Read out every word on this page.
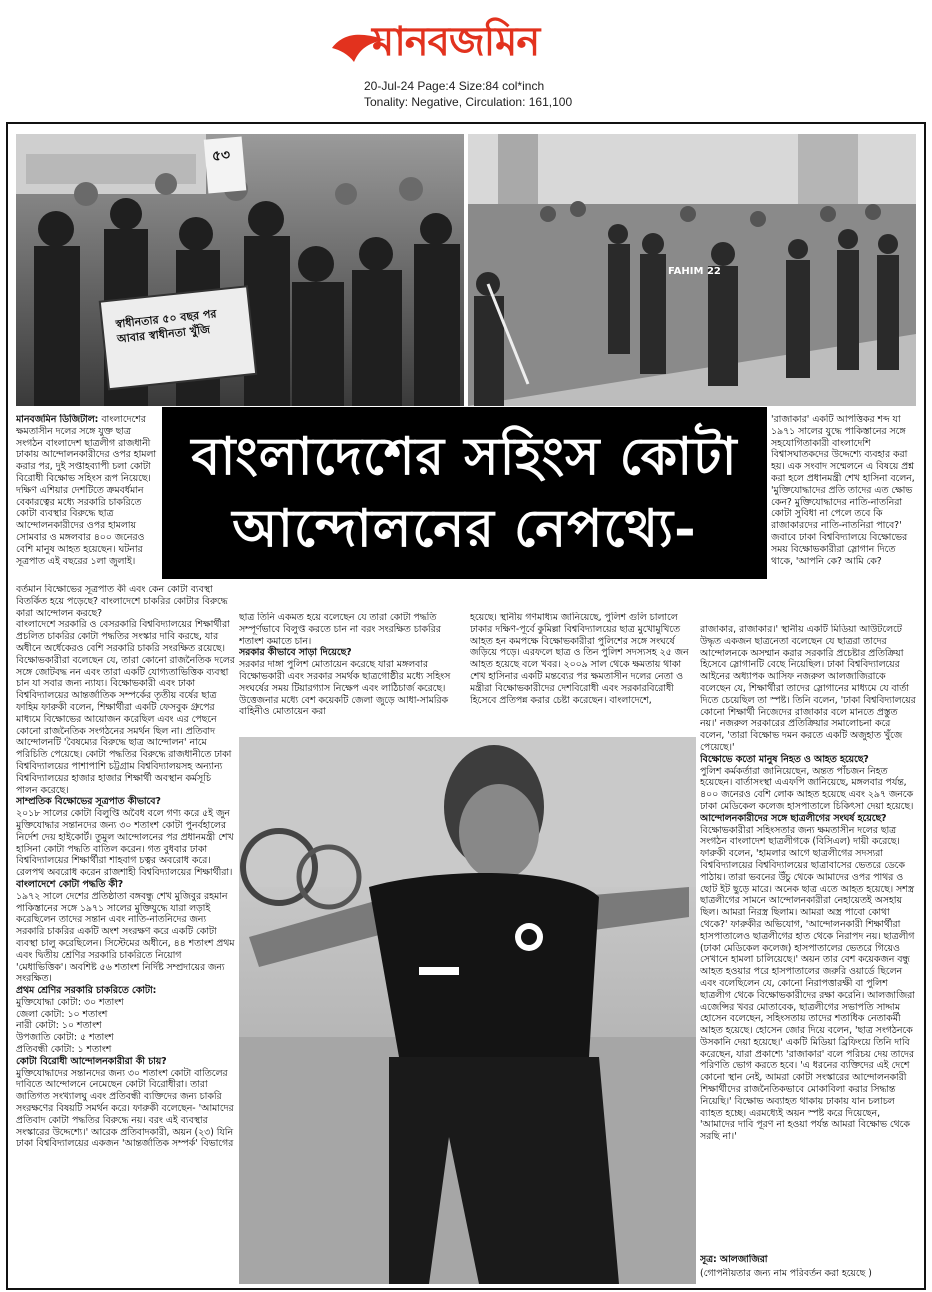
মানবজমিন
20-Jul-24 Page:4 Size:84 col*inch
Tonality: Negative, Circulation: 161,100
৫৩
স্বাধীনতার ৫০ বছর পর আবার স্বাধীনতা খুঁজি
FAHIM 22
বাংলাদেশের সহিংস কোটা
আন্দোলনের নেপথ্যে-
মানবজমিন ডিজিটাল: বাংলাদেশের ক্ষমতাসীন দলের সঙ্গে যুক্ত ছাত্র সংগঠন বাংলাদেশ ছাত্রলীগ রাজধানী ঢাকায় আন্দোলনকারীদের ওপর হামলা করার পর, দুই সপ্তাহব্যাপী চলা কোটা বিরোধী বিক্ষোভ সহিংস রূপ নিয়েছে। দক্ষিণ এশিয়ার দেশটিতে ক্রমবর্ধমান বেকারত্বের মধ্যে সরকারি চাকরিতে কোটা ব্যবস্থার বিরুদ্ধে ছাত্র আন্দোলনকারীদের ওপর হামলায় সোমবার ও মঙ্গলবার ৪০০ জনেরও বেশি মানুষ আহত হয়েছেন। ঘটনার সূত্রপাত এই বছরের ১লা জুলাই।
'রাজাকার' একটি আপত্তিকর শব্দ যা ১৯৭১ সালের যুদ্ধে পাকিস্তানের সঙ্গে সহযোগিতাকারী বাংলাদেশি বিশ্বাসঘাতকদের উদ্দেশ্যে ব্যবহার করা হয়। এক সংবাদ সম্মেলনে এ বিষয়ে প্রশ্ন করা হলে প্রধানমন্ত্রী শেখ হাসিনা বলেন, 'মুক্তিযোদ্ধাদের প্রতি তাদের এত ক্ষোভ কেন? মুক্তিযোদ্ধাদের নাতি-নাতনিরা কোটা সুবিধা না পেলে তবে কি রাজাকারদের নাতি-নাতনিরা পাবে?' জবাবে ঢাকা বিশ্ববিদ্যালয়ে বিক্ষোভের সময় বিক্ষোভকারীরা স্লোগান দিতে থাকে, 'আপনি কে? আমি কে?
বর্তমান বিক্ষোভের সূত্রপাত কী এবং কেন কোটা ব্যবস্থা বিতর্কিত হয়ে পড়েছে? বাংলাদেশে চাকরির কোটার বিরুদ্ধে কারা আন্দোলন করছে?
বাংলাদেশে সরকারি ও বেসরকারি বিশ্ববিদ্যালয়ের শিক্ষার্থীরা প্রচলিত চাকরির কোটা পদ্ধতির সংস্কার দাবি করছে, যার অধীনে অর্ধেকেরও বেশি সরকারি চাকরি সংরক্ষিত রয়েছে। বিক্ষোভকারীরা বলেছেন যে, তারা কোনো রাজনৈতিক দলের সঙ্গে জোটবদ্ধ নন এবং তারা একটি যোগ্যতাভিত্তিক ব্যবস্থা চান যা সবার জন্য ন্যায্য। বিক্ষোভকারী এবং ঢাকা বিশ্ববিদ্যালয়ের আন্তর্জাতিক সম্পর্কের তৃতীয় বর্ষের ছাত্র ফাহিম ফারুকী বলেন, শিক্ষার্থীরা একটি ফেসবুক গ্রুপের মাধ্যমে বিক্ষোভের আয়োজন করেছিল এবং এর পেছনে কোনো রাজনৈতিক সংগঠনের সমর্থন ছিল না। প্রতিবাদ আন্দোলনটি 'বৈষম্যের বিরুদ্ধে ছাত্র আন্দোলন' নামে পরিচিতি পেয়েছে। কোটা পদ্ধতির বিরুদ্ধে রাজধানীতে ঢাকা বিশ্ববিদ্যালয়ের পাশাপাশি চট্টগ্রাম বিশ্ববিদ্যালয়সহ অন্যান্য বিশ্ববিদ্যালয়ের হাজার হাজার শিক্ষার্থী অবস্থান কর্মসূচি পালন করেছে।
সাম্প্রতিক বিক্ষোভের সূত্রপাত কীভাবে?
২০১৮ সালের কোটা বিলুপ্তি অবৈধ বলে গণ্য করে ৫ই জুন মুক্তিযোদ্ধার সন্তানদের জন্য ৩০ শতাংশ কোটা পুনর্বহালের নির্দেশ দেয় হাইকোর্ট। তুমুল আন্দোলনের পর প্রধানমন্ত্রী শেখ হাসিনা কোটা পদ্ধতি বাতিল করেন। গত বুধবার ঢাকা বিশ্ববিদ্যালয়ের শিক্ষার্থীরা শাহবাগ চত্বর অবরোধ করে। রেলপথ অবরোধ করেন রাজশাহী বিশ্ববিদ্যালয়ের শিক্ষার্থীরা।
বাংলাদেশে কোটা পদ্ধতি কী?
১৯৭২ সালে দেশের প্রতিষ্ঠাতা বঙ্গবন্ধু শেখ মুজিবুর রহমান পাকিস্তানের সঙ্গে ১৯৭১ সালের মুক্তিযুদ্ধে যারা লড়াই করেছিলেন তাদের সন্তান এবং নাতি-নাতনিদের জন্য সরকারি চাকরির একটি অংশ সংরক্ষণ করে একটি কোটা ব্যবস্থা চালু করেছিলেন। সিস্টেমের অধীনে, ৪৪ শতাংশ প্রথম এবং দ্বিতীয় শ্রেণির সরকারি চাকরিতে নিয়োগ 'মেধাভিত্তিক'। অবশিষ্ট ৫৬ শতাংশ নির্দিষ্ট সম্প্রদায়ের জন্য সংরক্ষিত।
প্রথম শ্রেণির সরকারি চাকরিতে কোটা:
মুক্তিযোদ্ধা কোটা: ৩০ শতাংশ
জেলা কোটা: ১০ শতাংশ
নারী কোটা: ১০ শতাংশ
উপজাতি কোটা: ৫ শতাংশ
প্রতিবন্ধী কোটা: ১ শতাংশ
কোটা বিরোধী আন্দোলনকারীরা কী চায়?
মুক্তিযোদ্ধাদের সন্তানদের জন্য ৩০ শতাংশ কোটা বাতিলের দাবিতে আন্দোলনে নেমেছেন কোটা বিরোধীরা। তারা জাতিগত সংখ্যালঘু এবং প্রতিবন্ধী ব্যক্তিদের জন্য চাকরি সংরক্ষণের বিষয়টি সমর্থন করে। ফারুকী বলেছেন- 'আমাদের প্রতিবাদ কোটা পদ্ধতির বিরুদ্ধে নয়। বরং এই ব্যবস্থার সংস্কারের উদ্দেশ্যে।' আরেক প্রতিবাদকারী, অয়ন (২৩) যিনি ঢাকা বিশ্ববিদ্যালয়ের একজন 'আন্তর্জাতিক সম্পর্ক' বিভাগের
ছাত্র তিনি একমত হয়ে বলেছেন যে তারা কোটা পদ্ধতি সম্পূর্ণভাবে বিলুপ্ত করতে চান না বরং সংরক্ষিত চাকরির শতাংশ কমাতে চান।
সরকার কীভাবে সাড়া দিয়েছে?
সরকার দাঙ্গা পুলিশ মোতায়েন করেছে যারা মঙ্গলবার বিক্ষোভকারী এবং সরকার সমর্থক ছাত্রগোষ্ঠীর মধ্যে সহিংস সংঘর্ষের সময় টিয়ারগ্যাস নিক্ষেপ এবং লাঠিচার্জ করেছে। উত্তেজনার মধ্যে বেশ কয়েকটি জেলা জুড়ে আধা-সামরিক বাহিনীও মোতায়েন করা
হয়েছে। স্থানীয় গণমাধ্যম জানিয়েছে, পুলিশ গুলি চালালে ঢাকার দক্ষিণ-পূর্বে কুমিল্লা বিশ্ববিদ্যালয়ের ছাত্র মুখোমুখিতে আহত হন কমপক্ষে বিক্ষোভকারীরা পুলিশের সঙ্গে সংঘর্ষে জড়িয়ে পড়ে। এরফলে ছাত্র ও তিন পুলিশ সদস্যসহ ২৫ জন আহত হয়েছে বলে খবর। ২০০৯ সাল থেকে ক্ষমতায় থাকা শেখ হাসিনার একটি মন্তব্যের পর ক্ষমতাসীন দলের নেতা ও মন্ত্রীরা বিক্ষোভকারীদের দেশবিরোধী এবং সরকারবিরোধী হিসেবে প্রতিপন্ন করার চেষ্টা করেছেন। বাংলাদেশে,
রাজাকার, রাজাকার।' স্থানীয় একটি মিডিয়া আউটলেটে উদ্ধৃত একজন ছাত্রনেতা বলেছেন যে ছাত্ররা তাদের আন্দোলনকে অসম্মান করার সরকারি প্রচেষ্টার প্রতিক্রিয়া হিসেবে স্লোগানটি বেছে নিয়েছিল। ঢাকা বিশ্ববিদ্যালয়ের আইনের অধ্যাপক আসিফ নজরুল আলজাজিরাকে বলেছেন যে, শিক্ষার্থীরা তাদের স্লোগানের মাধ্যমে যে বার্তা দিতে চেয়েছিল তা স্পষ্ট। তিনি বলেন, 'ঢাকা বিশ্ববিদ্যালয়ের কোনো শিক্ষার্থী নিজেদের রাজাকার বলে মানতে প্রস্তুত নয়।' নজরুল সরকারের প্রতিক্রিয়ার সমালোচনা করে বলেন, 'তারা বিক্ষোভ দমন করতে একটি অজুহাত খুঁজে পেয়েছে।'
বিক্ষোভে কতো মানুষ নিহত ও আহত হয়েছে?
পুলিশ কর্মকর্তারা জানিয়েছেন, অন্তত পাঁচজন নিহত হয়েছেন। বার্তাসংস্থা এএফপি জানিয়েছে, মঙ্গলবার পর্যন্ত, ৪০০ জনেরও বেশি লোক আহত হয়েছে এবং ২৯৭ জনকে ঢাকা মেডিকেল কলেজ হাসপাতালে চিকিৎসা দেয়া হয়েছে।
আন্দোলনকারীদের সঙ্গে ছাত্রলীগের সংঘর্ষ হয়েছে?
বিক্ষোভকারীরা সহিংসতার জন্য ক্ষমতাসীন দলের ছাত্র সংগঠন বাংলাদেশ ছাত্রলীগকে (বিসিএল) দায়ী করেছে। ফারুকী বলেন, 'হামলার আগে ছাত্রলীগের সদস্যরা বিশ্ববিদ্যালয়ের বিশ্ববিদ্যালয়ের ছাত্রাবাসের ভেতরে ডেকে পাঠায়। তারা ভবনের উঁচু থেকে আমাদের ওপর পাথর ও ছোট ইট ছুড়ে মারে। অনেক ছাত্র এতে আহত হয়েছে। সশস্ত্র ছাত্রলীগের সামনে আন্দোলনকারীরা নেহায়েতই অসহায় ছিল। আমরা নিরস্ত্র ছিলাম। আমরা অস্ত্র পাবো কোথা থেকে?' ফারুকীর অভিযোগ, 'আন্দোলনকারী শিক্ষার্থীরা হাসপাতালেও ছাত্রলীগের হাত থেকে নিরাপদ নয়। ছাত্রলীগ (ঢাকা মেডিকেল কলেজ) হাসপাতালের ভেতরে গিয়েও সেখানে হামলা চালিয়েছে।' অয়ন তার বেশ কয়েকজন বন্ধু আহত হওয়ার পরে হাসপাতালের জরুরি ওয়ার্ডে ছিলেন এবং বলেছিলেন যে, কোনো নিরাপত্তারক্ষী বা পুলিশ ছাত্রলীগ থেকে বিক্ষোভকারীদের রক্ষা করেনি। আলজাজিরা এজেন্সির খবর মোতাবেক, ছাত্রলীগের সভাপতি সাদ্দাম হোসেন বলেছেন, সহিংসতায় তাদের শতাধিক নেতাকর্মী আহত হয়েছে। হোসেন জোর দিয়ে বলেন, 'ছাত্র সংগঠনকে উসকানি দেয়া হয়েছে।' একটি মিডিয়া ব্রিফিংয়ে তিনি দাবি করেছেন, যারা প্রকাশ্যে 'রাজাকার' বলে পরিচয় দেয় তাদের পরিণতি ভোগ করতে হবে। 'এ ধরনের ব্যক্তিদের এই দেশে কোনো স্থান নেই, আমরা কোটা সংস্কারের আন্দোলনকারী শিক্ষার্থীদের রাজনৈতিকভাবে মোকাবিলা করার সিদ্ধান্ত নিয়েছি।' বিক্ষোভ অব্যাহত থাকায় ঢাকায় যান চলাচল ব্যাহত হচ্ছে। এরমধ্যেই অয়ন স্পষ্ট করে দিয়েছেন, 'আমাদের দাবি পূরণ না হওয়া পর্যন্ত আমরা বিক্ষোভ থেকে সরছি না।'
সূত্র: আলজাজিরা
(গোপনীয়তার জন্য নাম পরিবর্তন করা হয়েছে )
